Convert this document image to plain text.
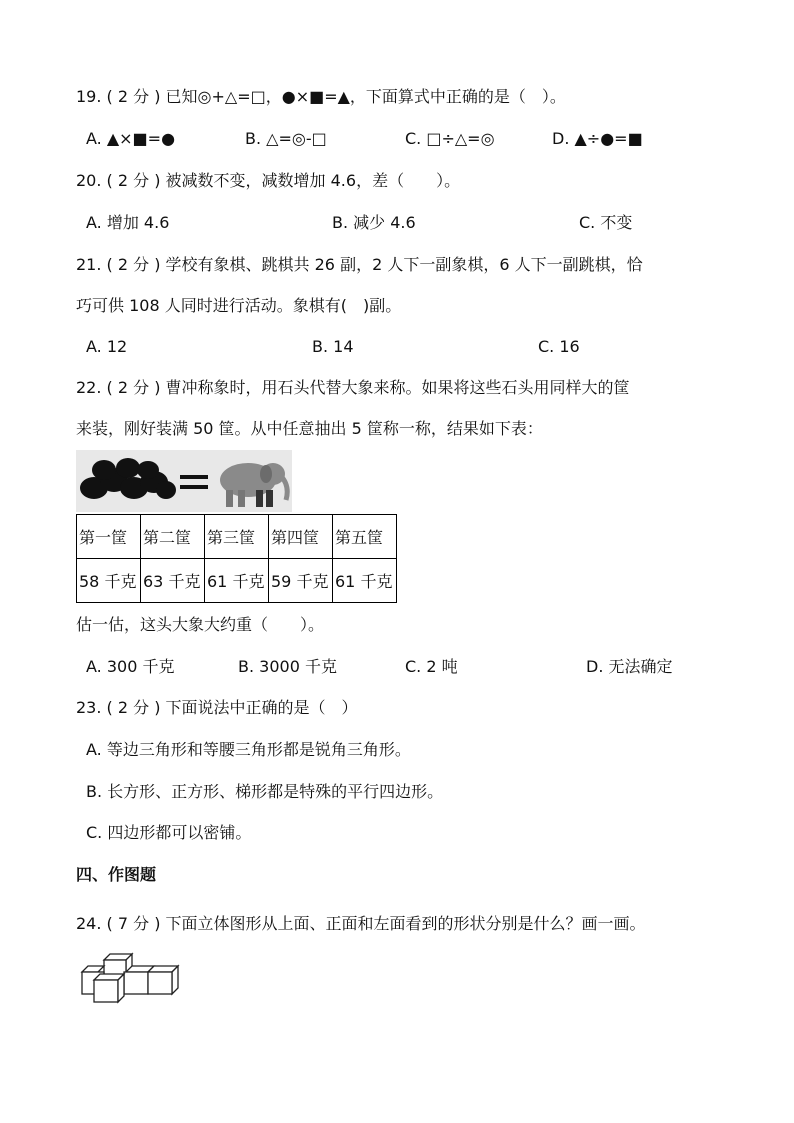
19. ( 2 分 ) 已知◎+△=□，●×■=▲，下面算式中正确的是（　）。
A. ▲×■=●	B. △=◎-□	C. □÷△=◎	D. ▲÷●=■
20. ( 2 分 ) 被减数不变，减数增加 4.6，差（　　）。
A. 增加 4.6	B. 减少 4.6	C. 不变
21. ( 2 分 ) 学校有象棋、跳棋共 26 副，2 人下一副象棋，6 人下一副跳棋，恰
巧可供 108 人同时进行活动。象棋有(　)副。
A. 12	B. 14	C. 16
22. ( 2 分 ) 曹冲称象时，用石头代替大象来称。如果将这些石头用同样大的筐
来装，刚好装满 50 筐。从中任意抽出 5 筐称一称，结果如下表：
第一筐	第二筐	第三筐	第四筐	第五筐
58 千克	63 千克	61 千克	59 千克	61 千克
估一估，这头大象大约重（　　）。
A. 300 千克	B. 3000 千克	C. 2 吨	D. 无法确定
23. ( 2 分 ) 下面说法中正确的是（　）
A. 等边三角形和等腰三角形都是锐角三角形。
B. 长方形、正方形、梯形都是特殊的平行四边形。
C. 四边形都可以密铺。
四、作图题
24. ( 7 分 ) 下面立体图形从上面、正面和左面看到的形状分别是什么？画一画。
